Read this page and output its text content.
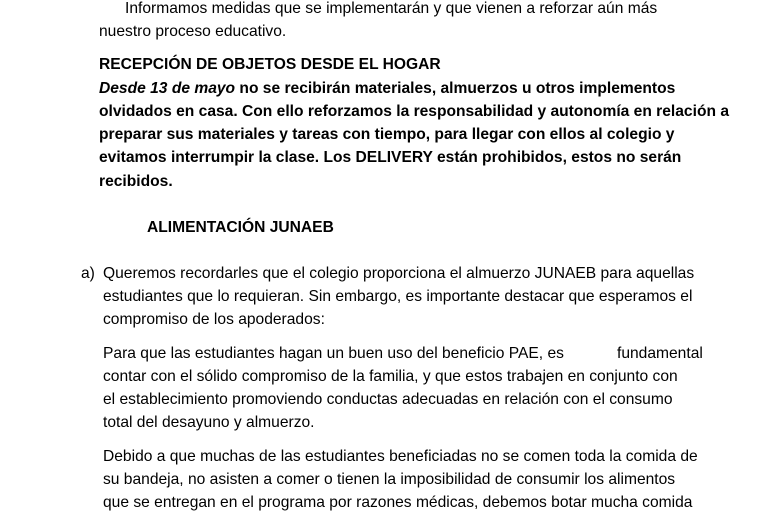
Informamos medidas que se implementarán y que vienen a reforzar aún más
nuestro proceso educativo.
RECEPCIÓN DE OBJETOS DESDE EL HOGAR
Desde 13 de mayo no se recibirán materiales, almuerzos u otros implementos
olvidados en casa. Con ello reforzamos la responsabilidad y autonomía en relación a
preparar sus materiales y tareas con tiempo, para llegar con ellos al colegio y
evitamos interrumpir la clase. Los DELIVERY están prohibidos, estos no serán
recibidos.
ALIMENTACIÓN JUNAEB
a) Queremos recordarles que el colegio proporciona el almuerzo JUNAEB para aquellas
estudiantes que lo requieran. Sin embargo, es importante destacar que esperamos el
compromiso de los apoderados:
Para que las estudiantes hagan un buen uso del beneficio PAE, es	fundamental
contar con el sólido compromiso de la familia, y que estos trabajen en conjunto con
el establecimiento promoviendo conductas adecuadas en relación con el consumo
total del desayuno y almuerzo.
Debido a que muchas de las estudiantes beneficiadas no se comen toda la comida de
su bandeja, no asisten a comer o tienen la imposibilidad de consumir los alimentos
que se entregan en el programa por razones médicas, debemos botar mucha comida
